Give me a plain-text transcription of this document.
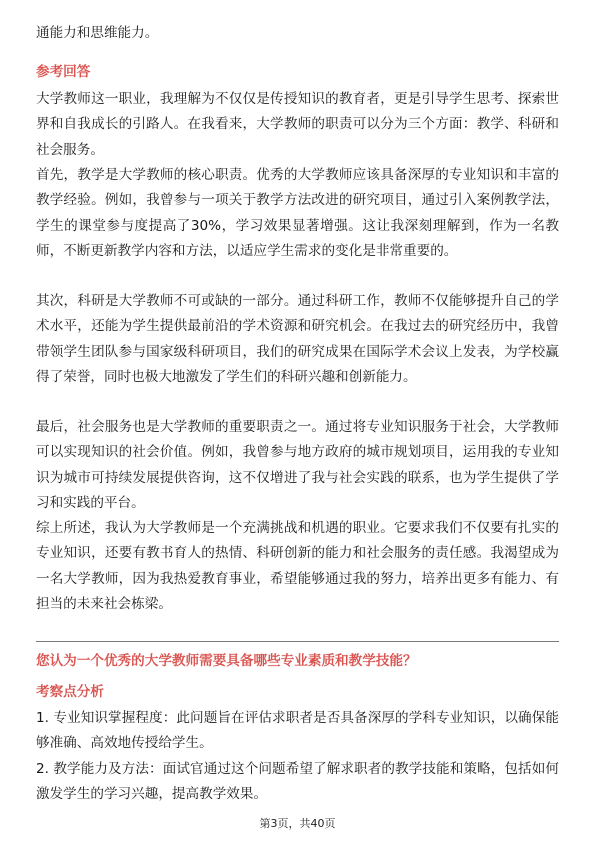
通能力和思维能力。

参考回答

大学教师这一职业，我理解为不仅仅是传授知识的教育者，更是引导学生思考、探索世界和自我成长的引路人。在我看来，大学教师的职责可以分为三个方面：教学、科研和社会服务。

首先，教学是大学教师的核心职责。优秀的大学教师应该具备深厚的专业知识和丰富的教学经验。例如，我曾参与一项关于教学方法改进的研究项目，通过引入案例教学法，学生的课堂参与度提高了30%，学习效果显著增强。这让我深刻理解到，作为一名教师，不断更新教学内容和方法，以适应学生需求的变化是非常重要的。

其次，科研是大学教师不可或缺的一部分。通过科研工作，教师不仅能够提升自己的学术水平，还能为学生提供最前沿的学术资源和研究机会。在我过去的研究经历中，我曾带领学生团队参与国家级科研项目，我们的研究成果在国际学术会议上发表，为学校赢得了荣誉，同时也极大地激发了学生们的科研兴趣和创新能力。

最后，社会服务也是大学教师的重要职责之一。通过将专业知识服务于社会，大学教师可以实现知识的社会价值。例如，我曾参与地方政府的城市规划项目，运用我的专业知识为城市可持续发展提供咨询，这不仅增进了我与社会实践的联系，也为学生提供了学习和实践的平台。

综上所述，我认为大学教师是一个充满挑战和机遇的职业。它要求我们不仅要有扎实的专业知识，还要有教书育人的热情、科研创新的能力和社会服务的责任感。我渴望成为一名大学教师，因为我热爱教育事业，希望能够通过我的努力，培养出更多有能力、有担当的未来社会栋梁。

您认为一个优秀的大学教师需要具备哪些专业素质和教学技能？
考察点分析

1. 专业知识掌握程度：此问题旨在评估求职者是否具备深厚的学科专业知识，以确保能够准确、高效地传授给学生。

2. 教学能力及方法：面试官通过这个问题希望了解求职者的教学技能和策略，包括如何激发学生的学习兴趣，提高教学效果。

第3页，共40页
